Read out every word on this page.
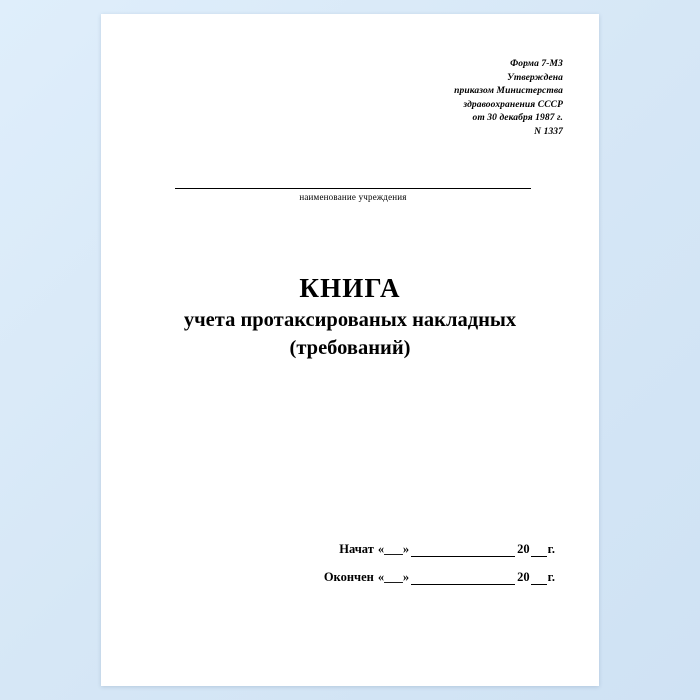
Форма 7-МЗ
Утверждена
приказом Министерства
здравоохранения СССР
от 30 декабря 1987 г.
N 1337
наименование учреждения
КНИГА
учета протаксированых накладных
(требований)
Начат «___»	20 г.
Окончен «___»	20 г.
